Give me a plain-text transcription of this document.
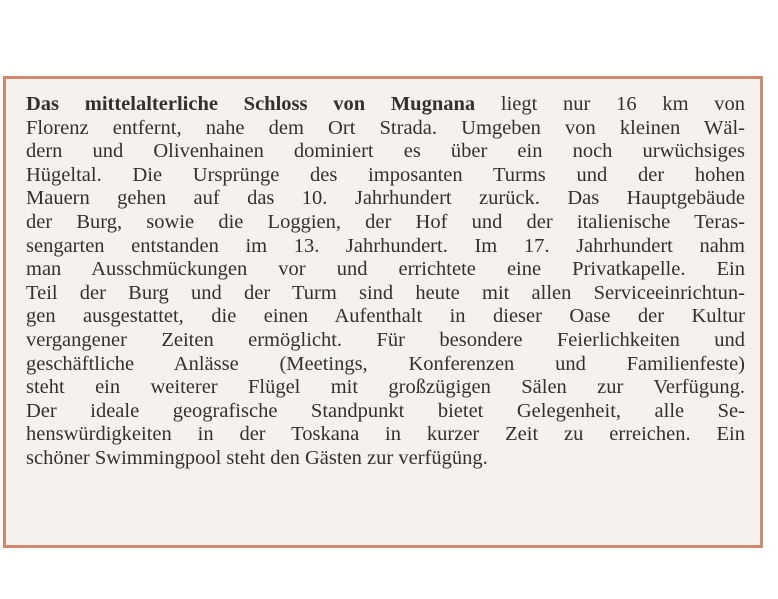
Das mittelalterliche Schloss von Mugnana liegt nur 16 km von
Florenz entfernt, nahe dem Ort Strada. Umgeben von kleinen Wäl-
dern und Olivenhainen dominiert es über ein noch urwüchsiges
Hügeltal. Die Ursprünge des imposanten Turms und der hohen
Mauern gehen auf das 10. Jahrhundert zurück. Das Hauptgebäude
der Burg, sowie die Loggien, der Hof und der italienische Teras-
sengarten entstanden im 13. Jahrhundert. Im 17. Jahrhundert nahm
man Ausschmückungen vor und errichtete eine Privatkapelle. Ein
Teil der Burg und der Turm sind heute mit allen Serviceeinrichtun-
gen ausgestattet, die einen Aufenthalt in dieser Oase der Kultur
vergangener Zeiten ermöglicht. Für besondere Feierlichkeiten und
geschäftliche Anlässe (Meetings, Konferenzen und Familienfeste)
steht ein weiterer Flügel mit großzügigen Sälen zur Verfügung.
Der ideale geografische Standpunkt bietet Gelegenheit, alle Se-
henswürdigkeiten in der Toskana in kurzer Zeit zu erreichen. Ein
schöner Swimmingpool steht den Gästen zur verfügüng.
